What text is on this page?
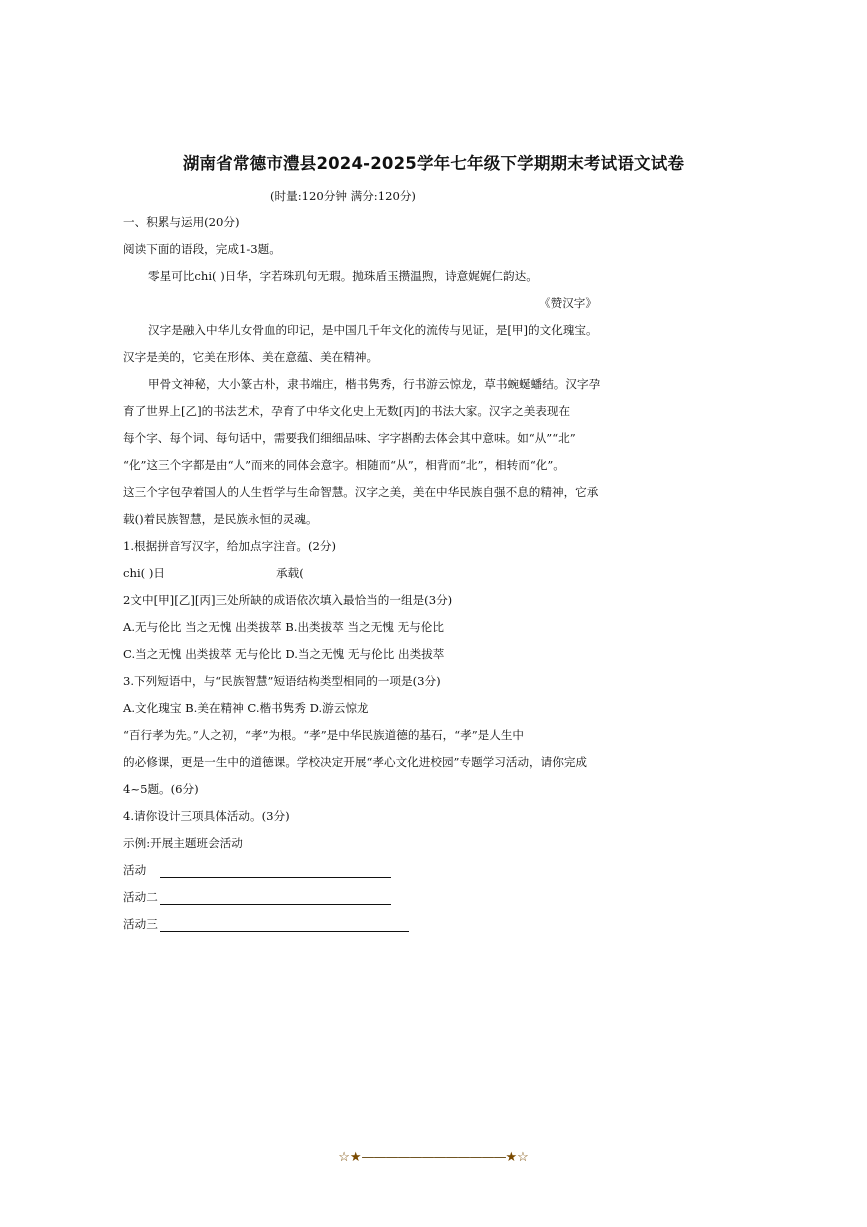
湖南省常德市澧县2024-2025学年七年级下学期期末考试语文试卷
(时量:120分钟 满分:120分)
一、积累与运用(20分)
阅读下面的语段，完成1-3题。
零星可比chi( )日华，字若珠玑句无瑕。抛珠盾玉攒温煦，诗意娓娓仁韵达。
《赞汉字》
汉字是融入中华儿女骨血的印记，是中国几千年文化的流传与见证，是[甲]的文化瑰宝。
汉字是美的，它美在形体、美在意蕴、美在精神。
甲骨文神秘，大小篆古朴，隶书端庄，楷书隽秀，行书游云惊龙，草书蜿蜒蟠结。汉字孕
育了世界上[乙]的书法艺术，孕育了中华文化史上无数[丙]的书法大家。汉字之美表现在
每个字、每个词、每句话中，需要我们细细品味、字字斟酌去体会其中意味。如“从”“北”
“化”这三个字都是由“人”而来的同体会意字。相随而“从”，相背而“北”，相转而“化”。
这三个字包孕着国人的人生哲学与生命智慧。汉字之美，美在中华民族自强不息的精神，它承
载()着民族智慧，是民族永恒的灵魂。
1.根据拼音写汉字，给加点字注音。(2分)
chi( )日	承载(
2文中[甲][乙][丙]三处所缺的成语依次填入最恰当的一组是(3分)
A.无与伦比 当之无愧 出类拔萃 B.出类拔萃 当之无愧 无与伦比
C.当之无愧 出类拔萃 无与伦比 D.当之无愧 无与伦比 出类拔萃
3.下列短语中，与“民族智慧”短语结构类型相同的一项是(3分)
A.文化瑰宝 B.美在精神 C.楷书隽秀 D.游云惊龙
“百行孝为先。”人之初，“孝”为根。“孝”是中华民族道德的基石，“孝”是人生中
的必修课，更是一生中的道德课。学校决定开展“孝心文化进校园”专题学习活动，请你完成
4~5题。(6分)
4.请你设计三项具体活动。(3分)
示例:开展主题班会活动
活动
活动二
活动三
☆★————————————★☆
